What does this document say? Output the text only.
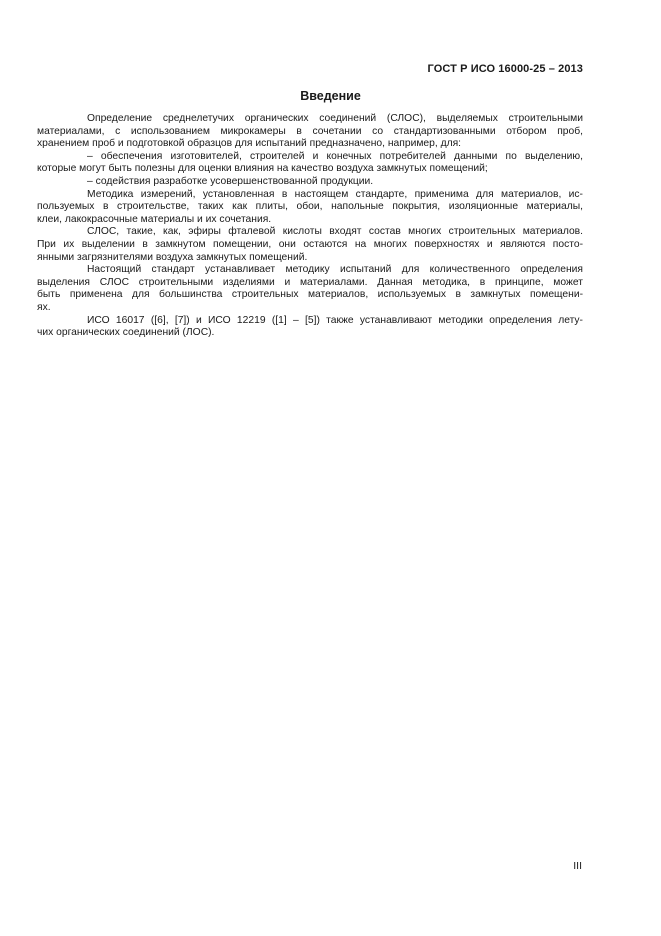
ГОСТ Р ИСО 16000-25 – 2013
Введение

Определение среднелетучих органических соединений (СЛОС), выделяемых строительными
материалами, с использованием микрокамеры в сочетании со стандартизованными отбором проб,
хранением проб и подготовкой образцов для испытаний предназначено, например, для:

– обеспечения изготовителей, строителей и конечных потребителей данными по выделению,
которые могут быть полезны для оценки влияния на качество воздуха замкнутых помещений;

– содействия разработке усовершенствованной продукции.

Методика измерений, установленная в настоящем стандарте, применима для материалов, ис-
пользуемых в строительстве, таких как плиты, обои, напольные покрытия, изоляционные материалы,
клеи, лакокрасочные материалы и их сочетания.

СЛОС, такие, как, эфиры фталевой кислоты входят состав многих строительных материалов.
При их выделении в замкнутом помещении, они остаются на многих поверхностях и являются посто-
янными загрязнителями воздуха замкнутых помещений.

Настоящий стандарт устанавливает методику испытаний для количественного определения
выделения СЛОС строительными изделиями и материалами. Данная методика, в принципе, может
быть применена для большинства строительных материалов, используемых в замкнутых помещени-
ях.

ИСО 16017 ([6], [7]) и ИСО 12219 ([1] – [5]) также устанавливают методики определения лету-
чих органических соединений (ЛОС).

III
